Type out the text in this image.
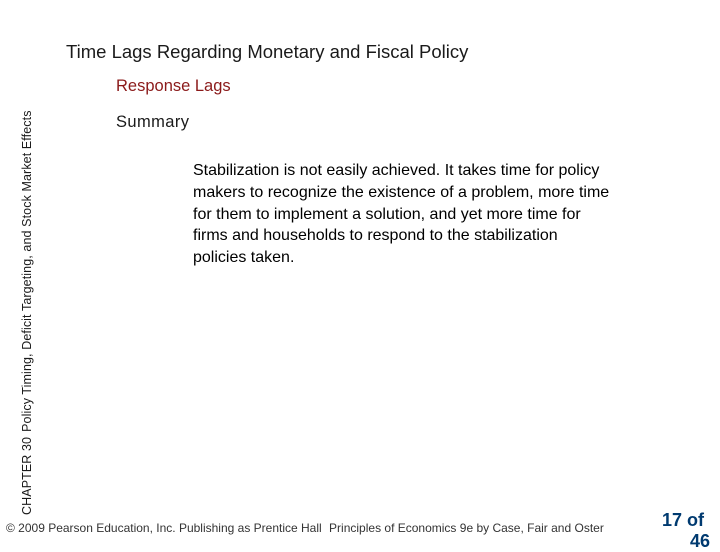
CHAPTER 30Policy Timing, Deficit Targeting, and Stock Market Effects
Time Lags Regarding Monetary and Fiscal Policy
Response Lags
Summary

Stabilization is not easily achieved. It takes time for policy makers to recognize the existence of a problem, more time for them to implement a solution, and yet more time for firms and households to respond to the stabilization policies taken.

© 2009 Pearson Education, Inc. Publishing as Prentice Hall Principles of Economics 9e by Case, Fair and Oster	17 of
46
